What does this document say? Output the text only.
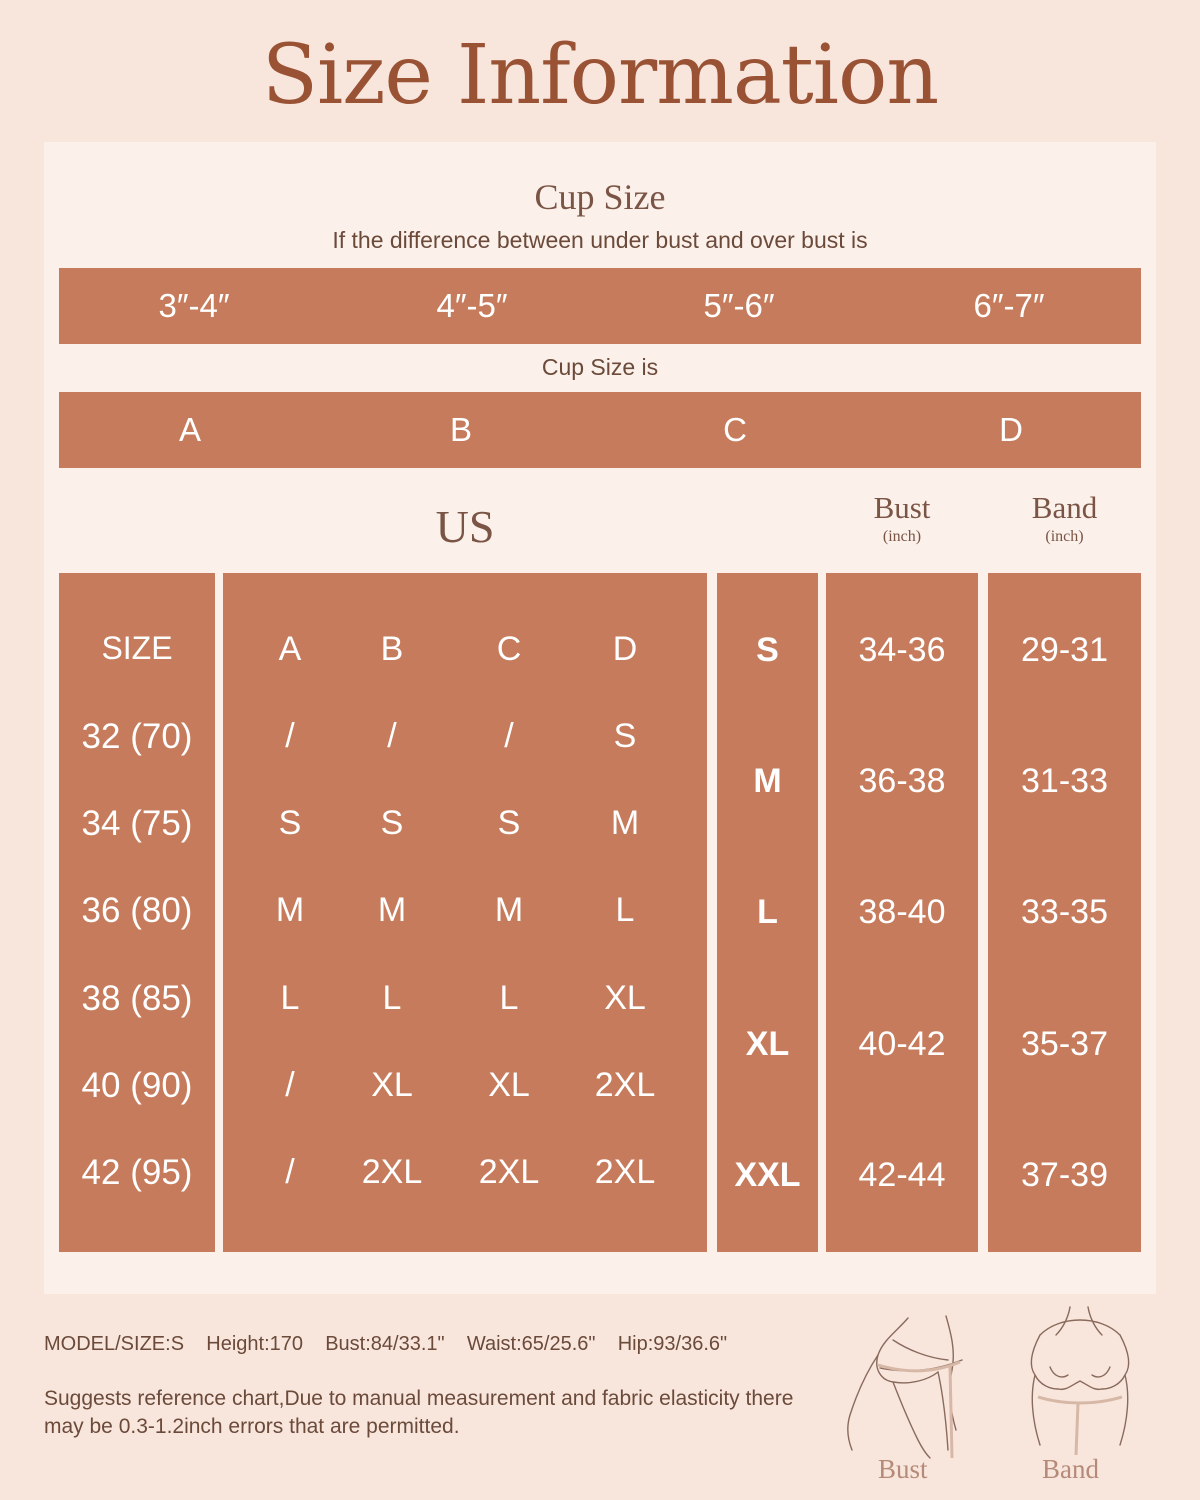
Size Information
Cup Size
If the difference between under bust and over bust is
3″-4″	4″-5″	5″-6″	6″-7″
Cup Size is
A	B	C	D
US	Bust
(inch)
Band
(inch)
SIZE	A	B	C	D
32 (70)	/	/	/	S
34 (75)	S	S	S	M
36 (80)	M	M	M	L
38 (85)	L	L	L	XL
40 (90)	/	XL	XL	2XL
42 (95)	/	2XL	2XL	2XL
S	34-36	29-31
M	36-38	31-33
L	38-40	33-35
XL	40-42	35-37
XXL	42-44	37-39
MODEL/SIZE:S    Height:170    Bust:84/33.1"    Waist:65/25.6"    Hip:93/36.6"
Suggests reference chart,Due to manual measurement and fabric elasticity there may be 0.3-1.2inch errors that are permitted.
Bust	Band
